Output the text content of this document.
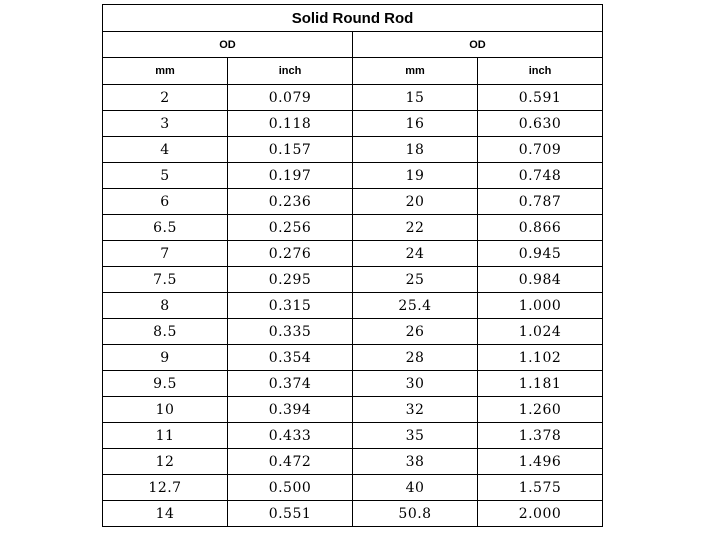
Solid Round Rod			
OD		OD	
mm	inch	mm	inch
2	0.079	15	0.591
3	0.118	16	0.630
4	0.157	18	0.709
5	0.197	19	0.748
6	0.236	20	0.787
6.5	0.256	22	0.866
7	0.276	24	0.945
7.5	0.295	25	0.984
8	0.315	25.4	1.000
8.5	0.335	26	1.024
9	0.354	28	1.102
9.5	0.374	30	1.181
10	0.394	32	1.260
11	0.433	35	1.378
12	0.472	38	1.496
12.7	0.500	40	1.575
14	0.551	50.8	2.000
